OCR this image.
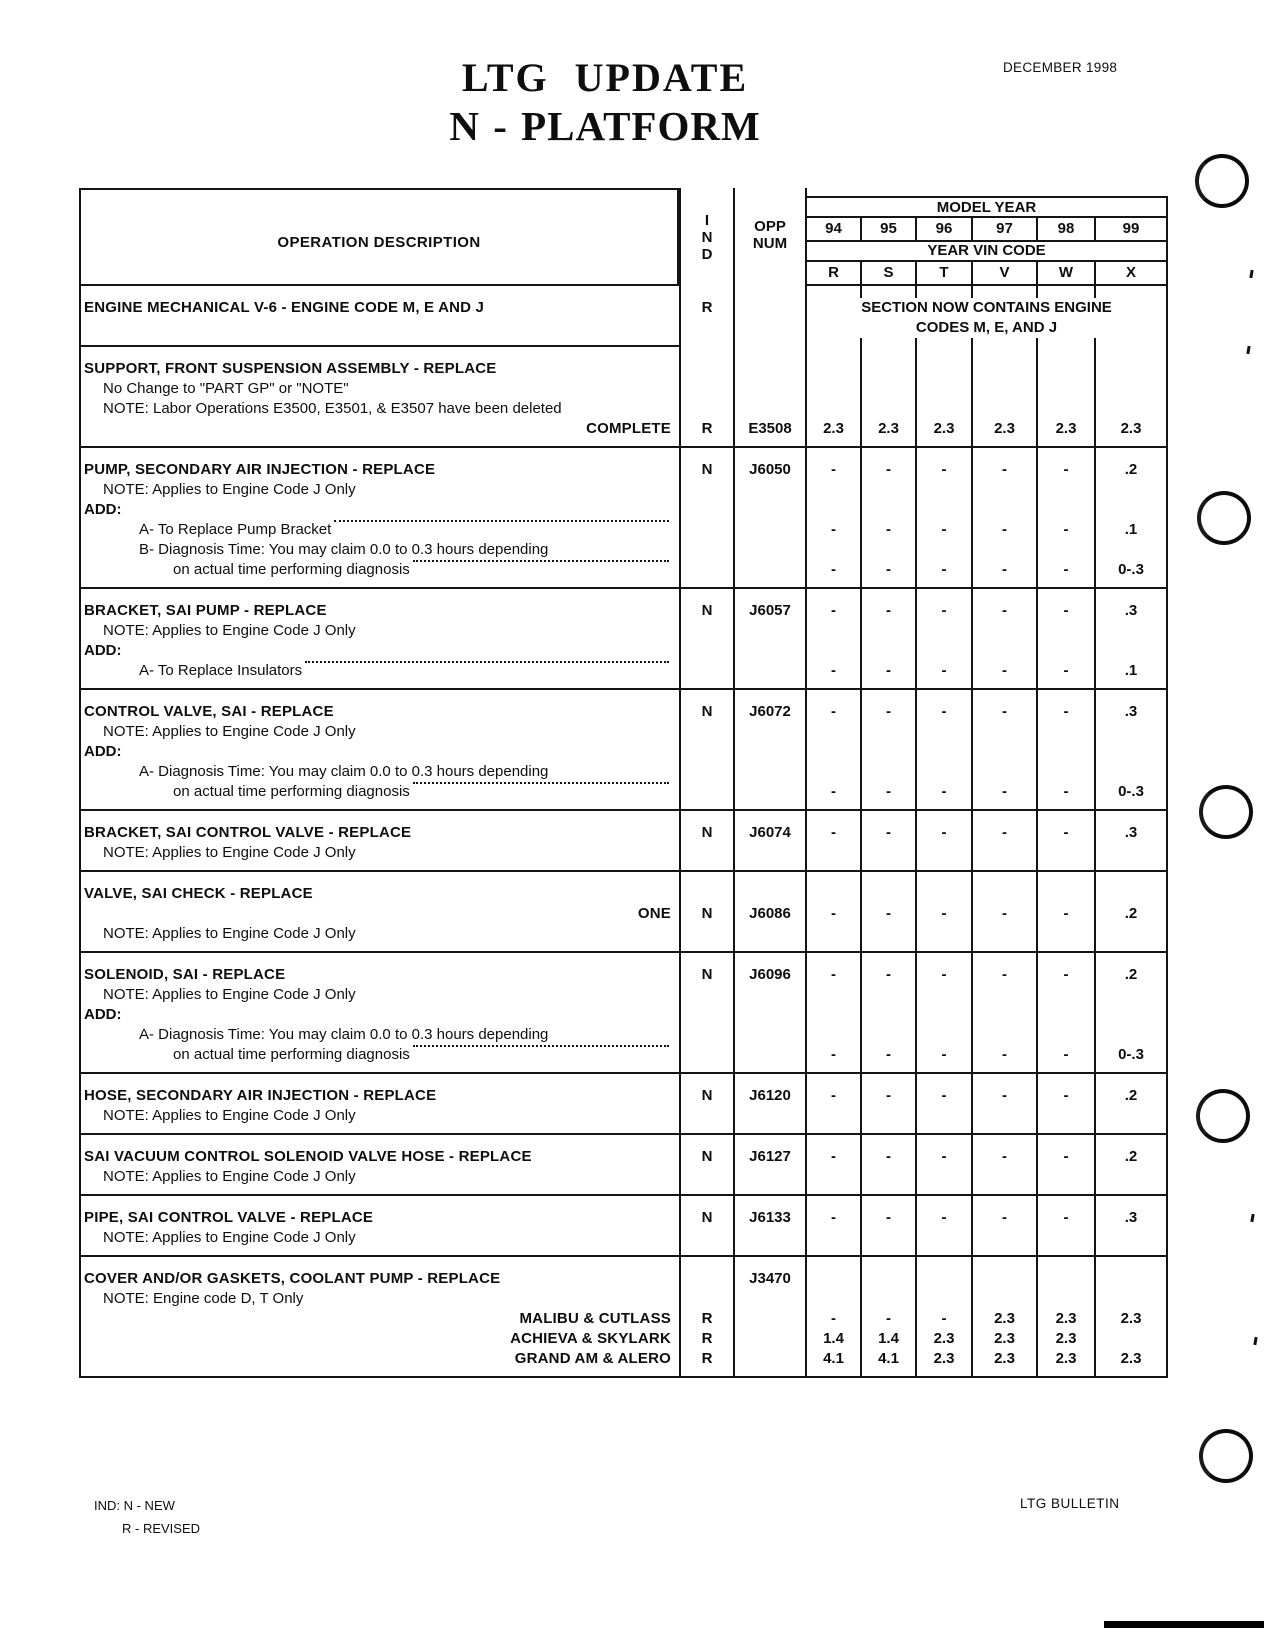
LTG UPDATE
N - PLATFORM
DECEMBER 1998
OPERATION DESCRIPTION
I
N
D
OPP
NUM
MODEL YEAR
94	95	96	97	98	99
YEAR VIN CODE
R	S	T	V	W	X
ENGINE MECHANICAL V-6 - ENGINE CODE M, E AND J	R	SECTION NOW CONTAINS ENGINE
CODES M, E, AND J
SUPPORT, FRONT SUSPENSION ASSEMBLY - REPLACE
No Change to "PART GP" or "NOTE"
NOTE: Labor Operations E3500, E3501, & E3507 have been deleted
COMPLETE	R	E3508	2.3	2.3	2.3	2.3	2.3	2.3
PUMP, SECONDARY AIR INJECTION - REPLACE	N	J6050	-	-	-	-	-	.2
NOTE: Applies to Engine Code J Only
ADD:
A- To Replace Pump Bracket	-	-	-	-	-	.1
B- Diagnosis Time: You may claim 0.0 to 0.3 hours depending
on actual time performing diagnosis	-	-	-	-	-	0-.3
BRACKET, SAI PUMP - REPLACE	N	J6057	-	-	-	-	-	.3
NOTE: Applies to Engine Code J Only
ADD:
A- To Replace Insulators	-	-	-	-	-	.1
CONTROL VALVE, SAI - REPLACE	N	J6072	-	-	-	-	-	.3
NOTE: Applies to Engine Code J Only
ADD:
A- Diagnosis Time: You may claim 0.0 to 0.3 hours depending
on actual time performing diagnosis	-	-	-	-	-	0-.3
BRACKET, SAI CONTROL VALVE - REPLACE	N	J6074	-	-	-	-	-	.3
NOTE: Applies to Engine Code J Only
VALVE, SAI CHECK - REPLACE
ONE	N	J6086	-	-	-	-	-	.2
NOTE: Applies to Engine Code J Only
SOLENOID, SAI - REPLACE	N	J6096	-	-	-	-	-	.2
NOTE: Applies to Engine Code J Only
ADD:
A- Diagnosis Time: You may claim 0.0 to 0.3 hours depending
on actual time performing diagnosis	-	-	-	-	-	0-.3
HOSE, SECONDARY AIR INJECTION - REPLACE	N	J6120	-	-	-	-	-	.2
NOTE: Applies to Engine Code J Only
SAI VACUUM CONTROL SOLENOID VALVE HOSE - REPLACE	N	J6127	-	-	-	-	-	.2
NOTE: Applies to Engine Code J Only
PIPE, SAI CONTROL VALVE - REPLACE	N	J6133	-	-	-	-	-	.3
NOTE: Applies to Engine Code J Only
COVER AND/OR GASKETS, COOLANT PUMP - REPLACE	J3470
NOTE: Engine code D, T Only
MALIBU & CUTLASS	R	-	-	-	2.3	2.3	2.3
ACHIEVA & SKYLARK	R	1.4	1.4	2.3	2.3	2.3
GRAND AM & ALERO	R	4.1	4.1	2.3	2.3	2.3	2.3
IND: N - NEW
R - REVISED
LTG BULLETIN
